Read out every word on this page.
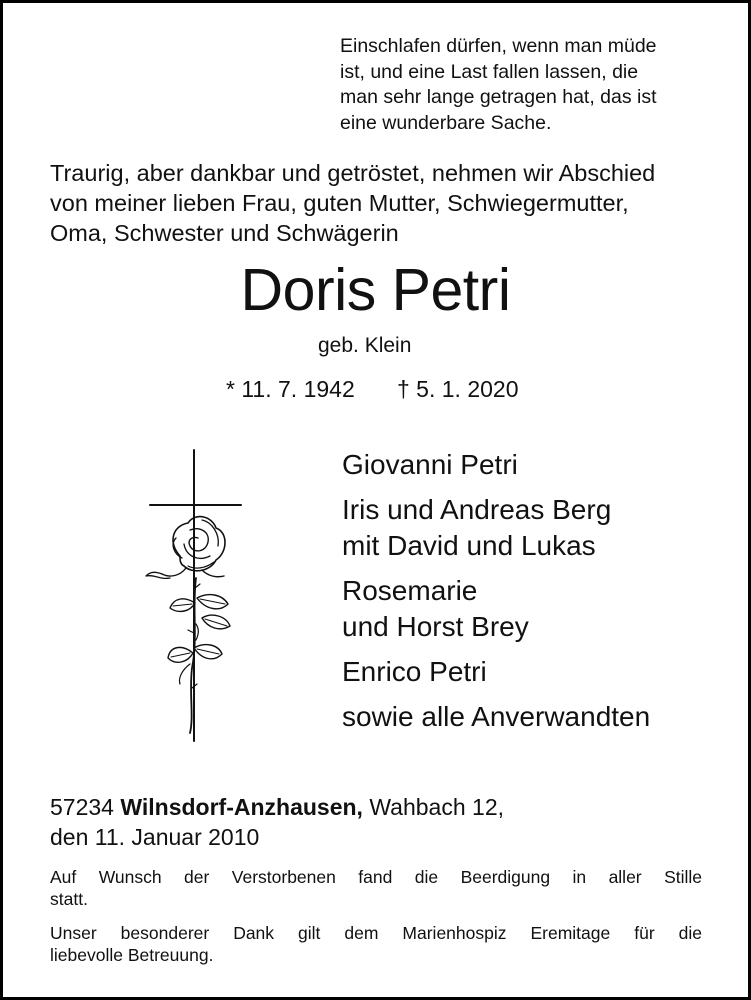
Einschlafen dürfen, wenn man müde
ist, und eine Last fallen lassen, die
man sehr lange getragen hat, das ist
eine wunderbare Sache.
Traurig, aber dankbar und getröstet, nehmen wir Abschied
von meiner lieben Frau, guten Mutter, Schwiegermutter,
Oma, Schwester und Schwägerin
Doris Petri
geb. Klein
* 11. 7. 1942 † 5. 1. 2020
Giovanni Petri
Iris und Andreas Berg
mit David und Lukas
Rosemarie
und Horst Brey
Enrico Petri
sowie alle Anverwandten
57234 Wilnsdorf-Anzhausen, Wahbach 12,
den 11. Januar 2010
Auf Wunsch der Verstorbenen fand die Beerdigung in aller Stille
statt.
Unser besonderer Dank gilt dem Marienhospiz Eremitage für die
liebevolle Betreuung.
